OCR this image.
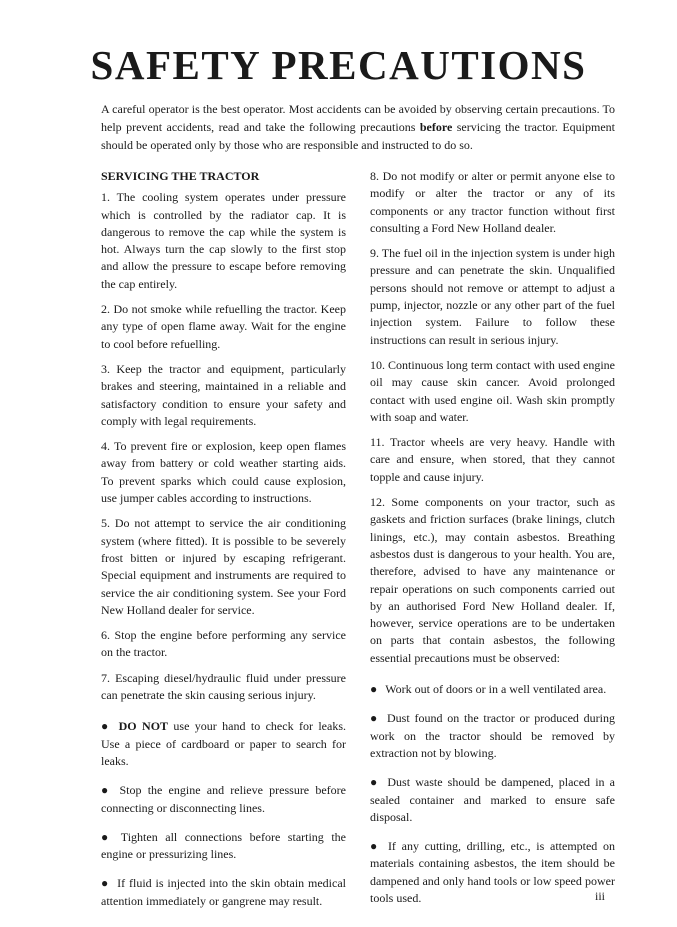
SAFETY PRECAUTIONS
A careful operator is the best operator. Most accidents can be avoided by observing certain precautions. To help prevent accidents, read and take the following precautions before servicing the tractor. Equipment should be operated only by those who are responsible and instructed to do so.
SERVICING THE TRACTOR

1. The cooling system operates under pressure which is controlled by the radiator cap. It is dangerous to remove the cap while the system is hot. Always turn the cap slowly to the first stop and allow the pressure to escape before removing the cap entirely.

2. Do not smoke while refuelling the tractor. Keep any type of open flame away. Wait for the engine to cool before refuelling.

3. Keep the tractor and equipment, particularly brakes and steering, maintained in a reliable and satisfactory condition to ensure your safety and comply with legal requirements.

4. To prevent fire or explosion, keep open flames away from battery or cold weather starting aids. To prevent sparks which could cause explosion, use jumper cables according to instructions.

5. Do not attempt to service the air conditioning system (where fitted). It is possible to be severely frost bitten or injured by escaping refrigerant. Special equipment and instruments are required to service the air conditioning system. See your Ford New Holland dealer for service.

6. Stop the engine before performing any service on the tractor.

7. Escaping diesel/hydraulic fluid under pressure can penetrate the skin causing serious injury.

● DO NOT use your hand to check for leaks. Use a piece of cardboard or paper to search for leaks.

● Stop the engine and relieve pressure before connecting or disconnecting lines.

● Tighten all connections before starting the engine or pressurizing lines.

● If fluid is injected into the skin obtain medical attention immediately or gangrene may result.

8. Do not modify or alter or permit anyone else to modify or alter the tractor or any of its components or any tractor function without first consulting a Ford New Holland dealer.

9. The fuel oil in the injection system is under high pressure and can penetrate the skin. Unqualified persons should not remove or attempt to adjust a pump, injector, nozzle or any other part of the fuel injection system. Failure to follow these instructions can result in serious injury.

10. Continuous long term contact with used engine oil may cause skin cancer. Avoid prolonged contact with used engine oil. Wash skin promptly with soap and water.

11. Tractor wheels are very heavy. Handle with care and ensure, when stored, that they cannot topple and cause injury.

12. Some components on your tractor, such as gaskets and friction surfaces (brake linings, clutch linings, etc.), may contain asbestos. Breathing asbestos dust is dangerous to your health. You are, therefore, advised to have any maintenance or repair operations on such components carried out by an authorised Ford New Holland dealer. If, however, service operations are to be undertaken on parts that contain asbestos, the following essential precautions must be observed:

● Work out of doors or in a well ventilated area.

● Dust found on the tractor or produced during work on the tractor should be removed by extraction not by blowing.

● Dust waste should be dampened, placed in a sealed container and marked to ensure safe disposal.

● If any cutting, drilling, etc., is attempted on materials containing asbestos, the item should be dampened and only hand tools or low speed power tools used.	iii
